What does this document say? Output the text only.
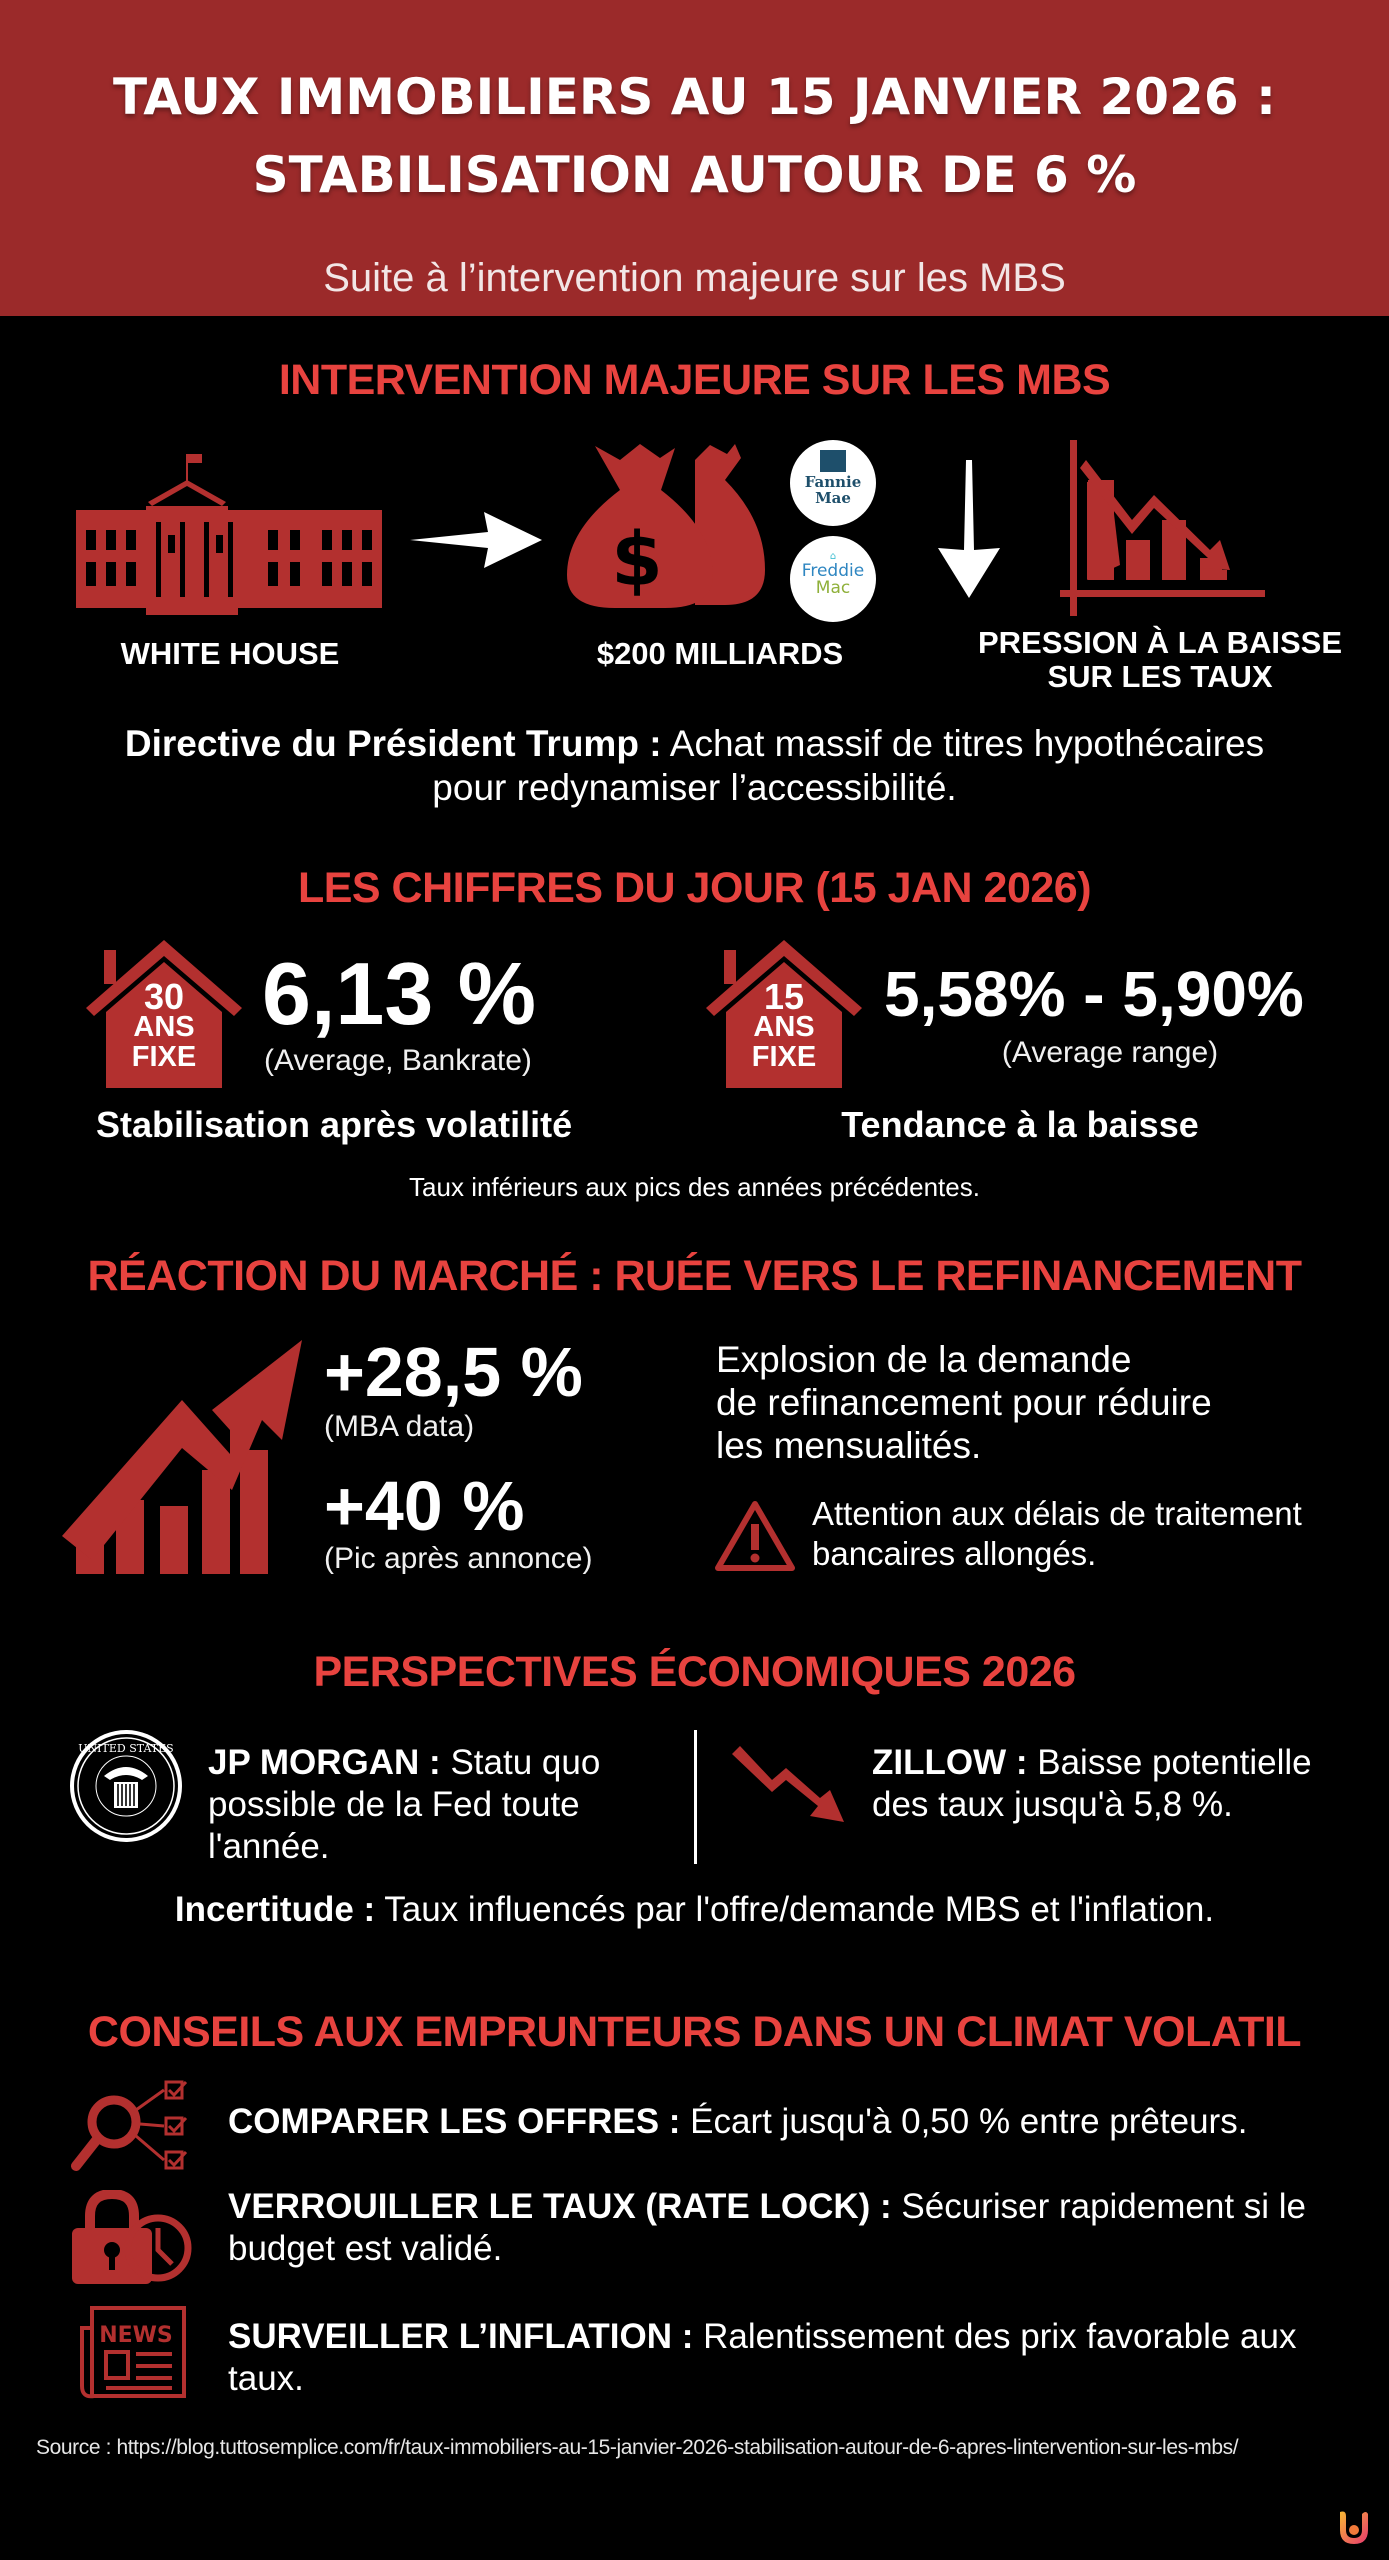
TAUX IMMOBILIERS AU 15 JANVIER 2026 :
STABILISATION AUTOUR DE 6 %
Suite à l’intervention majeure sur les MBS
INTERVENTION MAJEURE SUR LES MBS
WHITE HOUSE
$
$200 MILLIARDS
Fannie
Mae
⌂
Freddie
Mac
PRESSION À LA BAISSE
SUR LES TAUX
Directive du Président Trump : Achat massif de titres hypothécaires
pour redynamiser l’accessibilité.
LES CHIFFRES DU JOUR (15 JAN 2026)
30
ANS
FIXE
6,13 %
(Average, Bankrate)
Stabilisation après volatilité
15
ANS
FIXE
5,58% - 5,90%
(Average range)
Tendance à la baisse
Taux inférieurs aux pics des années précédentes.
RÉACTION DU MARCHÉ : RUÉE VERS LE REFINANCEMENT
+28,5 %
(MBA data)
+40 %
(Pic après annonce)
Explosion de la demande
de refinancement pour réduire
les mensualités.
Attention aux délais de traitement
bancaires allongés.
PERSPECTIVES ÉCONOMIQUES 2026
UNITED STATES JP MORGAN : Statu quo
possible de la Fed toute
l'année.
ZILLOW : Baisse potentielle
des taux jusqu'à 5,8 %.
Incertitude : Taux influencés par l'offre/demande MBS et l'inflation.
CONSEILS AUX EMPRUNTEURS DANS UN CLIMAT VOLATIL
COMPARER LES OFFRES : Écart jusqu'à 0,50 % entre prêteurs.
VERROUILLER LE TAUX (RATE LOCK) : Sécuriser rapidement si le
budget est validé.
NEWS SURVEILLER L’INFLATION : Ralentissement des prix favorable aux
taux.
Source : https://blog.tuttosemplice.com/fr/taux-immobiliers-au-15-janvier-2026-stabilisation-autour-de-6-apres-lintervention-sur-les-mbs/
